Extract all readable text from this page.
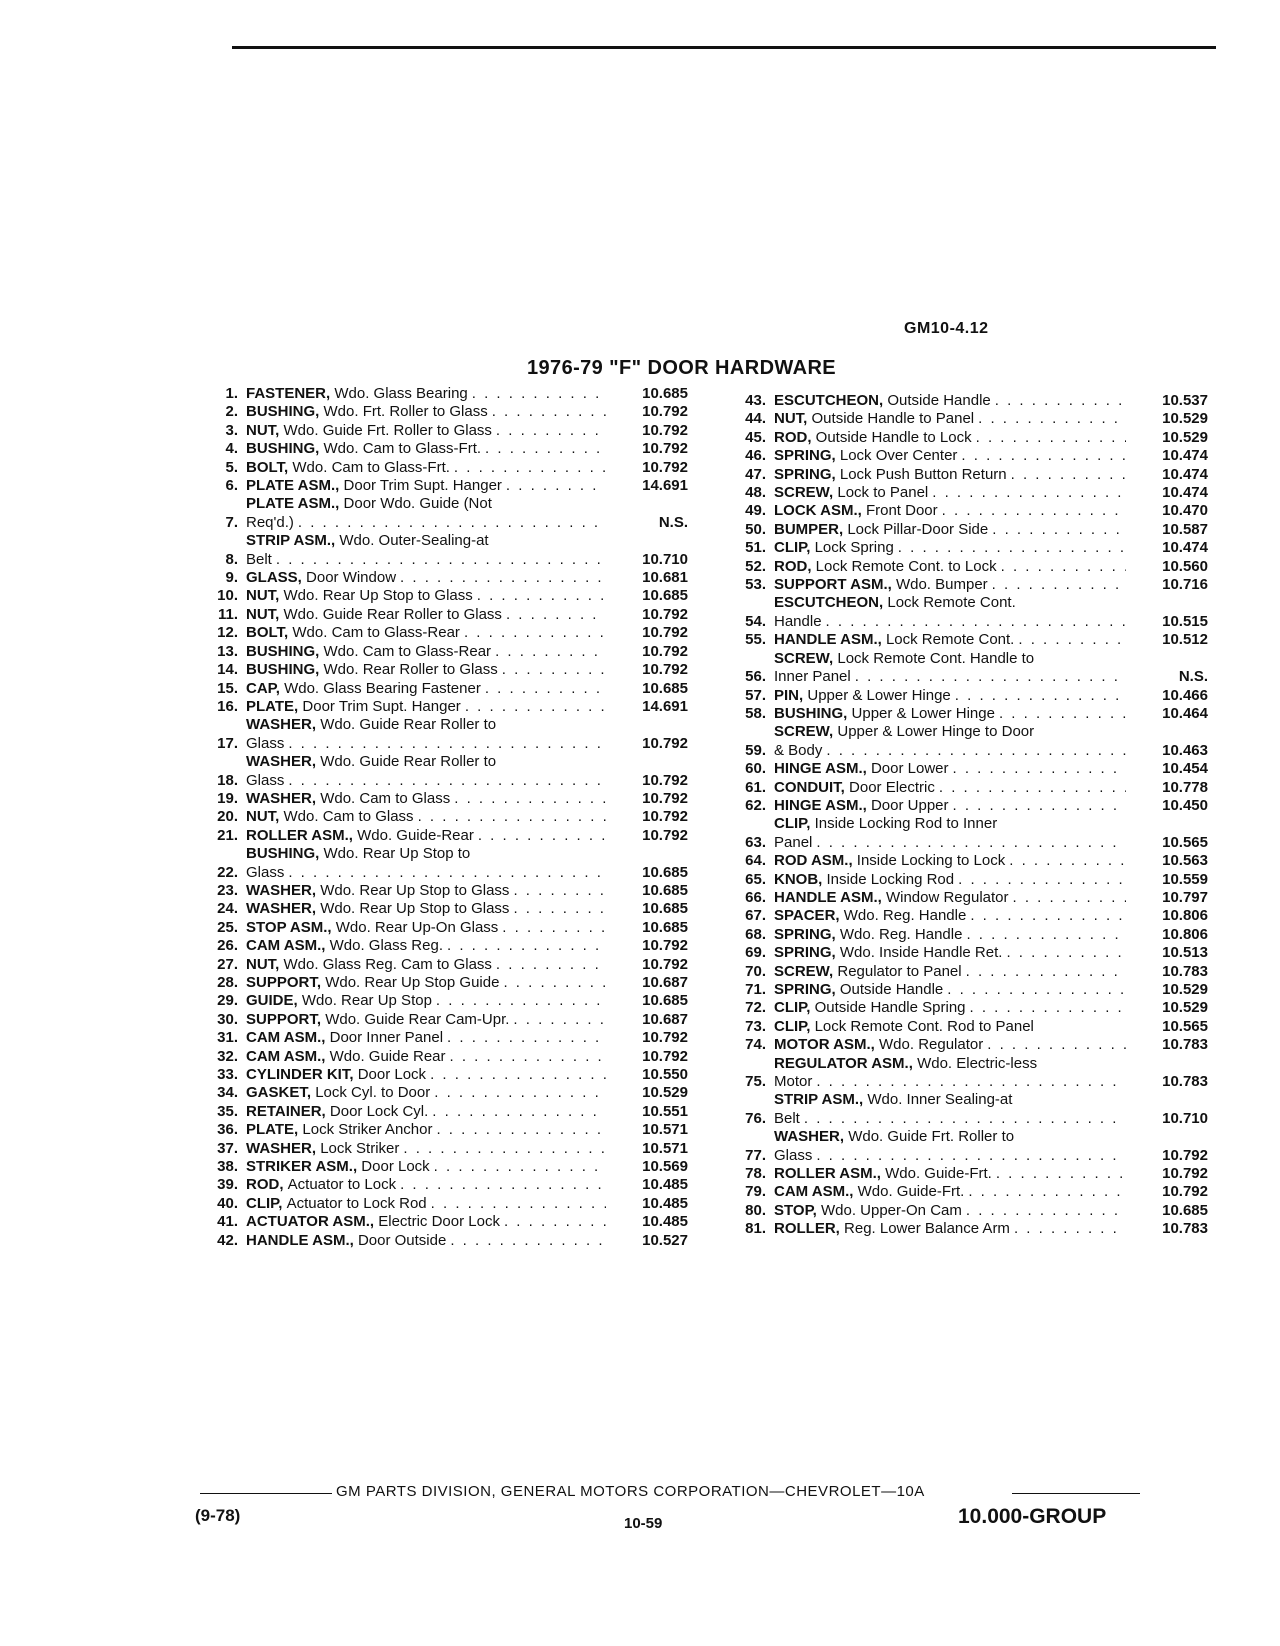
GM10-4.12
1976-79 "F" DOOR HARDWARE
1. FASTENER,
Wdo. Glass Bearing . . .	10.685
2. BUSHING,
Wdo. Frt. Roller to Glass . . .	10.792
3. NUT,
Wdo. Guide Frt. Roller to Glass . . .	10.792
4. BUSHING,
Wdo. Cam to Glass-Frt. . . .	10.792
5. BOLT,
Wdo. Cam to Glass-Frt. . . .	10.792
6. PLATE ASM.,
Door Trim Supt. Hanger . . .	14.691
7.
PLATE ASM.,
Door Wdo. Guide (Not
Req'd.) . . .	N.S.
8.
STRIP ASM.,
Wdo. Outer-Sealing-at
Belt . . .	10.710
9. GLASS,
Door Window . . .	10.681
10. NUT,
Wdo. Rear Up Stop to Glass . . .	10.685
11. NUT,
Wdo. Guide Rear Roller to Glass . . .	10.792
12. BOLT,
Wdo. Cam to Glass-Rear . . .	10.792
13. BUSHING,
Wdo. Cam to Glass-Rear . . .	10.792
14. BUSHING,
Wdo. Rear Roller to Glass . . .	10.792
15. CAP,
Wdo. Glass Bearing Fastener . . .	10.685
16. PLATE,
Door Trim Supt. Hanger . . .	14.691
17.
WASHER,
Wdo. Guide Rear Roller to
Glass . . .	10.792
18.
WASHER,
Wdo. Guide Rear Roller to
Glass . . .	10.792
19. WASHER,
Wdo. Cam to Glass . . .	10.792
20. NUT,
Wdo. Cam to Glass . . .	10.792
21. ROLLER ASM.,
Wdo. Guide-Rear . . .	10.792
22.
BUSHING,
Wdo. Rear Up Stop to
Glass . . .	10.685
23. WASHER,
Wdo. Rear Up Stop to Glass . . .	10.685
24. WASHER,
Wdo. Rear Up Stop to Glass . . .	10.685
25. STOP ASM.,
Wdo. Rear Up-On Glass . . .	10.685
26. CAM ASM.,
Wdo. Glass Reg. . . .	10.792
27. NUT,
Wdo. Glass Reg. Cam to Glass . . .	10.792
28. SUPPORT,
Wdo. Rear Up Stop Guide . . .	10.687
29. GUIDE,
Wdo. Rear Up Stop . . .	10.685
30. SUPPORT,
Wdo. Guide Rear Cam-Upr. . . .	10.687
31. CAM ASM.,
Door Inner Panel . . .	10.792
32. CAM ASM.,
Wdo. Guide Rear . . .	10.792
33. CYLINDER KIT,
Door Lock . . .	10.550
34. GASKET,
Lock Cyl. to Door . . .	10.529
35. RETAINER,
Door Lock Cyl. . . .	10.551
36. PLATE,
Lock Striker Anchor . . .	10.571
37. WASHER,
Lock Striker . . .	10.571
38. STRIKER ASM.,
Door Lock . . .	10.569
39. ROD,
Actuator to Lock . . .	10.485
40. CLIP,
Actuator to Lock Rod . . .	10.485
41. ACTUATOR ASM.,
Electric Door Lock . . .	10.485
42. HANDLE ASM.,
Door Outside . . .	10.527
43. ESCUTCHEON,
Outside Handle . . .	10.537
44. NUT,
Outside Handle to Panel . . .	10.529
45. ROD,
Outside Handle to Lock . . .	10.529
46. SPRING,
Lock Over Center . . .	10.474
47. SPRING,
Lock Push Button Return . . .	10.474
48. SCREW,
Lock to Panel . . .	10.474
49. LOCK ASM.,
Front Door . . .	10.470
50. BUMPER,
Lock Pillar-Door Side . . .	10.587
51. CLIP,
Lock Spring . . .	10.474
52. ROD,
Lock Remote Cont. to Lock . . .	10.560
53. SUPPORT ASM.,
Wdo. Bumper . . .	10.716
54.
ESCUTCHEON,
Lock Remote Cont.
Handle . . .	10.515
55. HANDLE ASM.,
Lock Remote Cont. . . .	10.512
56.
SCREW,
Lock Remote Cont. Handle to
Inner Panel . . .	N.S.
57. PIN,
Upper & Lower Hinge . . .	10.466
58. BUSHING,
Upper & Lower Hinge . . .	10.464
59.
SCREW,
Upper & Lower Hinge to Door
& Body . . .	10.463
60. HINGE ASM.,
Door Lower . . .	10.454
61. CONDUIT,
Door Electric . . .	10.778
62. HINGE ASM.,
Door Upper . . .	10.450
63.
CLIP,
Inside Locking Rod to Inner
Panel . . .	10.565
64. ROD ASM.,
Inside Locking to Lock . . .	10.563
65. KNOB,
Inside Locking Rod . . .	10.559
66. HANDLE ASM.,
Window Regulator . . .	10.797
67. SPACER,
Wdo. Reg. Handle . . .	10.806
68. SPRING,
Wdo. Reg. Handle . . .	10.806
69. SPRING,
Wdo. Inside Handle Ret. . . .	10.513
70. SCREW,
Regulator to Panel . . .	10.783
71. SPRING,
Outside Handle . . .	10.529
72. CLIP,
Outside Handle Spring . . .	10.529
73. CLIP,
Lock Remote Cont. Rod to Panel	10.565
74. MOTOR ASM.,
Wdo. Regulator . . .	10.783
75.
REGULATOR ASM.,
Wdo. Electric-less
Motor . . .	10.783
76.
STRIP ASM.,
Wdo. Inner Sealing-at
Belt . . .	10.710
77.
WASHER,
Wdo. Guide Frt. Roller to
Glass . . .	10.792
78. ROLLER ASM.,
Wdo. Guide-Frt. . . .	10.792
79. CAM ASM.,
Wdo. Guide-Frt. . . .	10.792
80. STOP,
Wdo. Upper-On Cam . . .	10.685
81. ROLLER,
Reg. Lower Balance Arm . . .	10.783
GM PARTS DIVISION, GENERAL MOTORS CORPORATION—CHEVROLET—10A
(9-78)	10-59	10.000-GROUP
